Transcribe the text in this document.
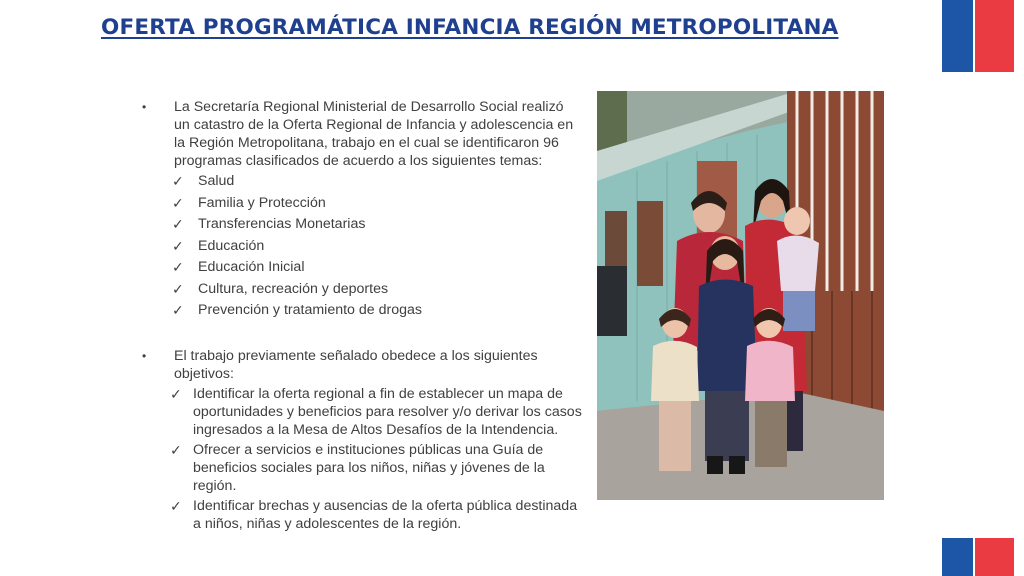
OFERTA PROGRAMÁTICA INFANCIA REGIÓN METROPOLITANA
• La Secretaría Regional Ministerial de Desarrollo Social realizó un catastro de la Oferta Regional de Infancia y adolescencia en la Región Metropolitana, trabajo en el cual se identificaron 96 programas clasificados de acuerdo a los siguientes temas:
✓ Salud
✓ Familia y Protección
✓ Transferencias Monetarias
✓ Educación
✓ Educación Inicial
✓ Cultura, recreación y deportes
✓ Prevención y tratamiento de drogas
• El trabajo previamente señalado obedece a los siguientes objetivos:
✓ Identificar la oferta regional a fin de establecer un mapa de oportunidades y beneficios para resolver y/o derivar los casos ingresados a la Mesa de Altos Desafíos de la Intendencia.
✓ Ofrecer a servicios e instituciones públicas una Guía de beneficios sociales para los niños, niñas y jóvenes de la región.
✓ Identificar brechas y ausencias de la oferta pública destinada a niños, niñas y adolescentes de la región.
